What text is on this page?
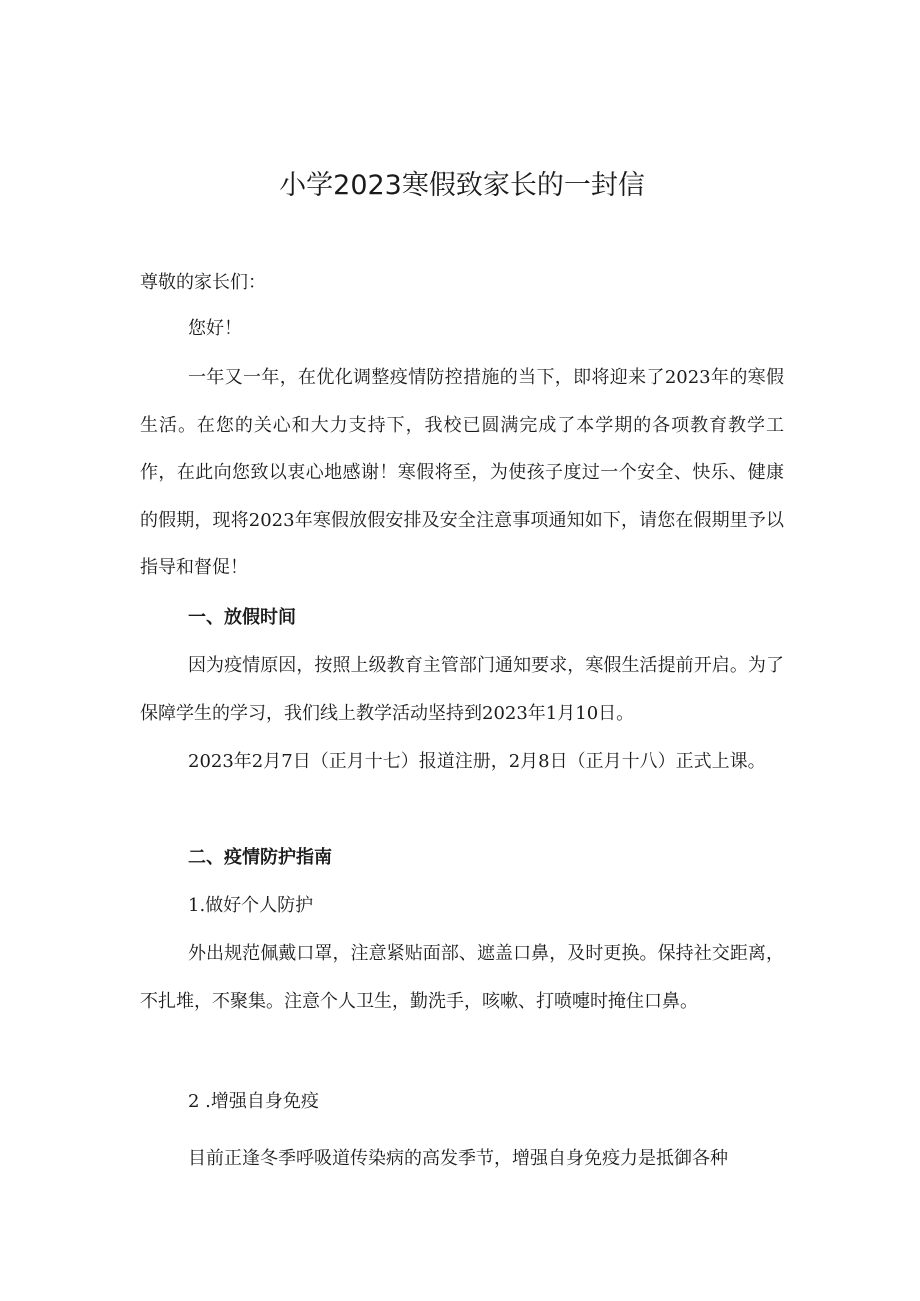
小学2023寒假致家长的一封信

尊敬的家长们：

您好！

一年又一年，在优化调整疫情防控措施的当下，即将迎来了2023年的寒假生活。在您的关心和大力支持下，我校已圆满完成了本学期的各项教育教学工作，在此向您致以衷心地感谢！寒假将至，为使孩子度过一个安全、快乐、健康的假期，现将2023年寒假放假安排及安全注意事项通知如下，请您在假期里予以指导和督促！

一、放假时间

因为疫情原因，按照上级教育主管部门通知要求，寒假生活提前开启。为了保障学生的学习，我们线上教学活动坚持到2023年1月10日。

2023年2月7日（正月十七）报道注册，2月8日（正月十八）正式上课。

二、疫情防护指南

1.做好个人防护

外出规范佩戴口罩，注意紧贴面部、遮盖口鼻，及时更换。保持社交距离，不扎堆，不聚集。注意个人卫生，勤洗手，咳嗽、打喷嚏时掩住口鼻。

2 .增强自身免疫

目前正逢冬季呼吸道传染病的高发季节，增强自身免疫力是抵御各种
